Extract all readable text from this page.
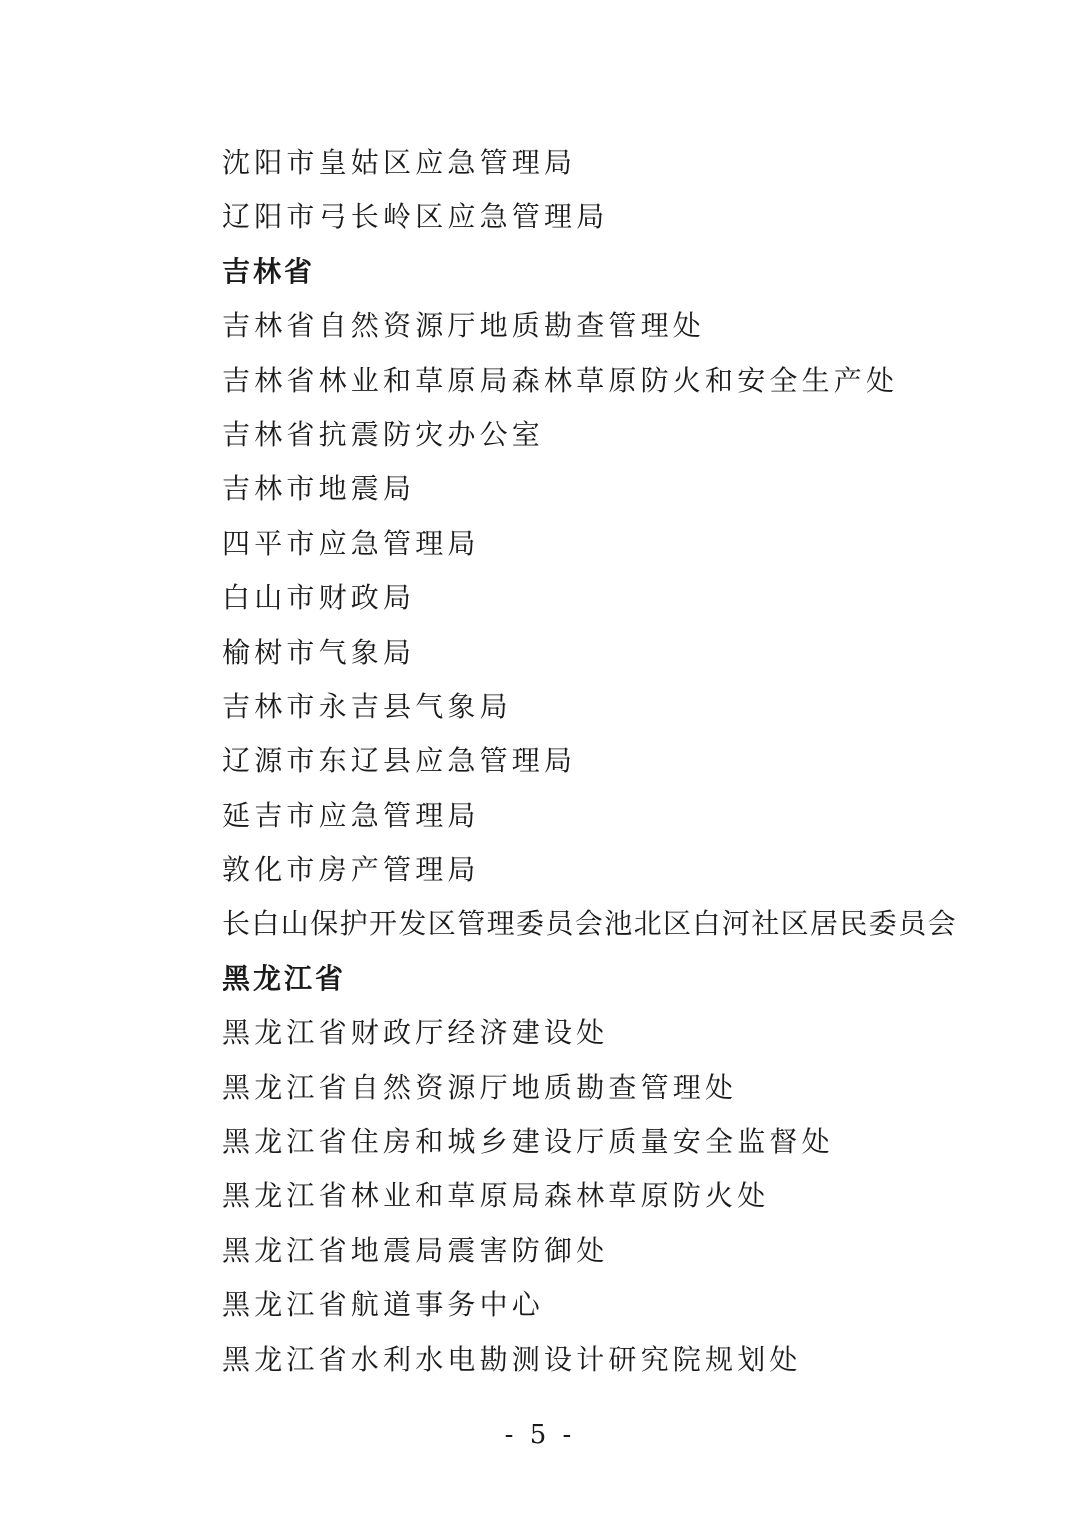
沈阳市皇姑区应急管理局
辽阳市弓长岭区应急管理局
吉林省
吉林省自然资源厅地质勘查管理处
吉林省林业和草原局森林草原防火和安全生产处
吉林省抗震防灾办公室
吉林市地震局
四平市应急管理局
白山市财政局
榆树市气象局
吉林市永吉县气象局
辽源市东辽县应急管理局
延吉市应急管理局
敦化市房产管理局
长白山保护开发区管理委员会池北区白河社区居民委员会
黑龙江省
黑龙江省财政厅经济建设处
黑龙江省自然资源厅地质勘查管理处
黑龙江省住房和城乡建设厅质量安全监督处
黑龙江省林业和草原局森林草原防火处
黑龙江省地震局震害防御处
黑龙江省航道事务中心
黑龙江省水利水电勘测设计研究院规划处
- 5 -
